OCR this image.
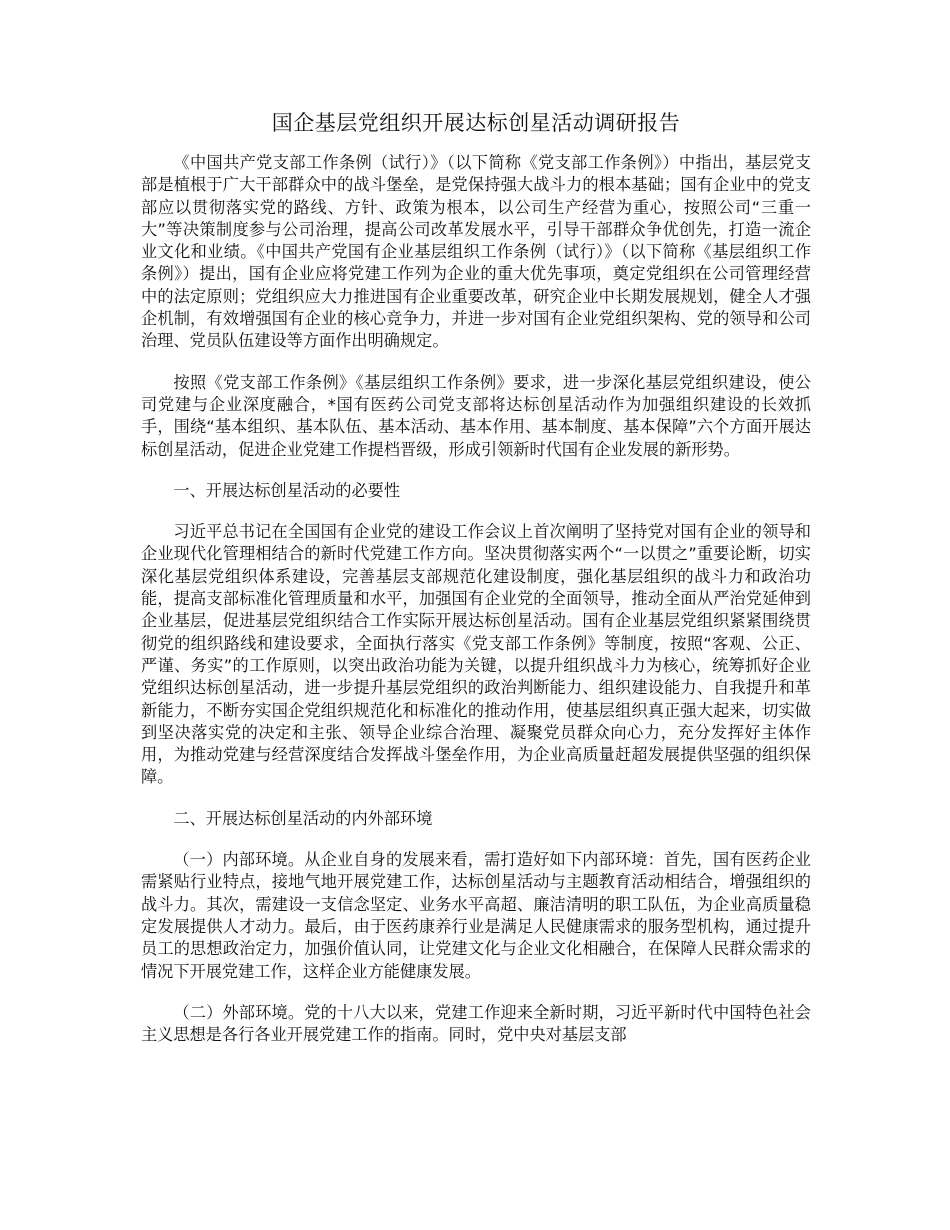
国企基层党组织开展达标创星活动调研报告

《中国共产党支部工作条例（试行）》（以下简称《党支部工作条例》）中指出，基层党支部是植根于广大干部群众中的战斗堡垒，是党保持强大战斗力的根本基础；国有企业中的党支部应以贯彻落实党的路线、方针、政策为根本，以公司生产经营为重心，按照公司“三重一大”等决策制度参与公司治理，提高公司改革发展水平，引导干部群众争优创先，打造一流企业文化和业绩。《中国共产党国有企业基层组织工作条例（试行）》（以下简称《基层组织工作条例》）提出，国有企业应将党建工作列为企业的重大优先事项，奠定党组织在公司管理经营中的法定原则；党组织应大力推进国有企业重要改革，研究企业中长期发展规划，健全人才强企机制，有效增强国有企业的核心竞争力，并进一步对国有企业党组织架构、党的领导和公司治理、党员队伍建设等方面作出明确规定。

按照《党支部工作条例》《基层组织工作条例》要求，进一步深化基层党组织建设，使公司党建与企业深度融合，*国有医药公司党支部将达标创星活动作为加强组织建设的长效抓手，围绕“基本组织、基本队伍、基本活动、基本作用、基本制度、基本保障”六个方面开展达标创星活动，促进企业党建工作提档晋级，形成引领新时代国有企业发展的新形势。

一、开展达标创星活动的必要性

习近平总书记在全国国有企业党的建设工作会议上首次阐明了坚持党对国有企业的领导和企业现代化管理相结合的新时代党建工作方向。坚决贯彻落实两个“一以贯之”重要论断，切实深化基层党组织体系建设，完善基层支部规范化建设制度，强化基层组织的战斗力和政治功能，提高支部标准化管理质量和水平，加强国有企业党的全面领导，推动全面从严治党延伸到企业基层，促进基层党组织结合工作实际开展达标创星活动。国有企业基层党组织紧紧围绕贯彻党的组织路线和建设要求，全面执行落实《党支部工作条例》等制度，按照“客观、公正、严谨、务实”的工作原则，以突出政治功能为关键，以提升组织战斗力为核心，统筹抓好企业党组织达标创星活动，进一步提升基层党组织的政治判断能力、组织建设能力、自我提升和革新能力，不断夯实国企党组织规范化和标准化的推动作用，使基层组织真正强大起来，切实做到坚决落实党的决定和主张、领导企业综合治理、凝聚党员群众向心力，充分发挥好主体作用，为推动党建与经营深度结合发挥战斗堡垒作用，为企业高质量赶超发展提供坚强的组织保障。

二、开展达标创星活动的内外部环境

（一）内部环境。从企业自身的发展来看，需打造好如下内部环境：首先，国有医药企业需紧贴行业特点，接地气地开展党建工作，达标创星活动与主题教育活动相结合，增强组织的战斗力。其次，需建设一支信念坚定、业务水平高超、廉洁清明的职工队伍，为企业高质量稳定发展提供人才动力。最后，由于医药康养行业是满足人民健康需求的服务型机构，通过提升员工的思想政治定力，加强价值认同，让党建文化与企业文化相融合，在保障人民群众需求的情况下开展党建工作，这样企业方能健康发展。

（二）外部环境。党的十八大以来，党建工作迎来全新时期，习近平新时代中国特色社会主义思想是各行各业开展党建工作的指南。同时，党中央对基层支部
